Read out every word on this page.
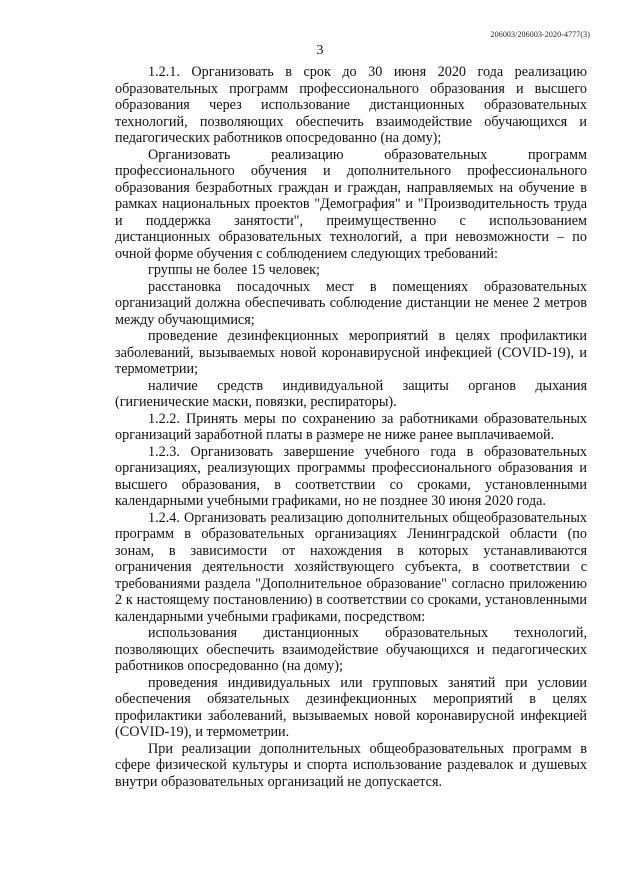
206003/206003-2020-4777(3)
3

1.2.1. Организовать в срок до 30 июня 2020 года реализацию образовательных программ профессионального образования и высшего образования через использование дистанционных образовательных технологий, позволяющих обеспечить взаимодействие обучающихся и педагогических работников опосредованно (на дому);

Организовать реализацию образовательных программ профессионального обучения и дополнительного профессионального образования безработных граждан и граждан, направляемых на обучение в рамках национальных проектов "Демография" и "Производительность труда и поддержка занятости", преимущественно с использованием дистанционных образовательных технологий, а при невозможности – по очной форме обучения с соблюдением следующих требований:

группы не более 15 человек;

расстановка посадочных мест в помещениях образовательных организаций должна обеспечивать соблюдение дистанции не менее 2 метров между обучающимися;

проведение дезинфекционных мероприятий в целях профилактики заболеваний, вызываемых новой коронавирусной инфекцией (COVID-19), и термометрии;

наличие средств индивидуальной защиты органов дыхания (гигиенические маски, повязки, респираторы).

1.2.2. Принять меры по сохранению за работниками образовательных организаций заработной платы в размере не ниже ранее выплачиваемой.

1.2.3. Организовать завершение учебного года в образовательных организациях, реализующих программы профессионального образования и высшего образования, в соответствии со сроками, установленными календарными учебными графиками, но не позднее 30 июня 2020 года.

1.2.4. Организовать реализацию дополнительных общеобразовательных программ в образовательных организациях Ленинградской области (по зонам, в зависимости от нахождения в которых устанавливаются ограничения деятельности хозяйствующего субъекта, в соответствии с требованиями раздела "Дополнительное образование" согласно приложению 2 к настоящему постановлению) в соответствии со сроками, установленными календарными учебными графиками, посредством:

использования дистанционных образовательных технологий, позволяющих обеспечить взаимодействие обучающихся и педагогических работников опосредованно (на дому);

проведения индивидуальных или групповых занятий при условии обеспечения обязательных дезинфекционных мероприятий в целях профилактики заболеваний, вызываемых новой коронавирусной инфекцией (COVID-19), и термометрии.

При реализации дополнительных общеобразовательных программ в сфере физической культуры и спорта использование раздевалок и душевых внутри образовательных организаций не допускается.
